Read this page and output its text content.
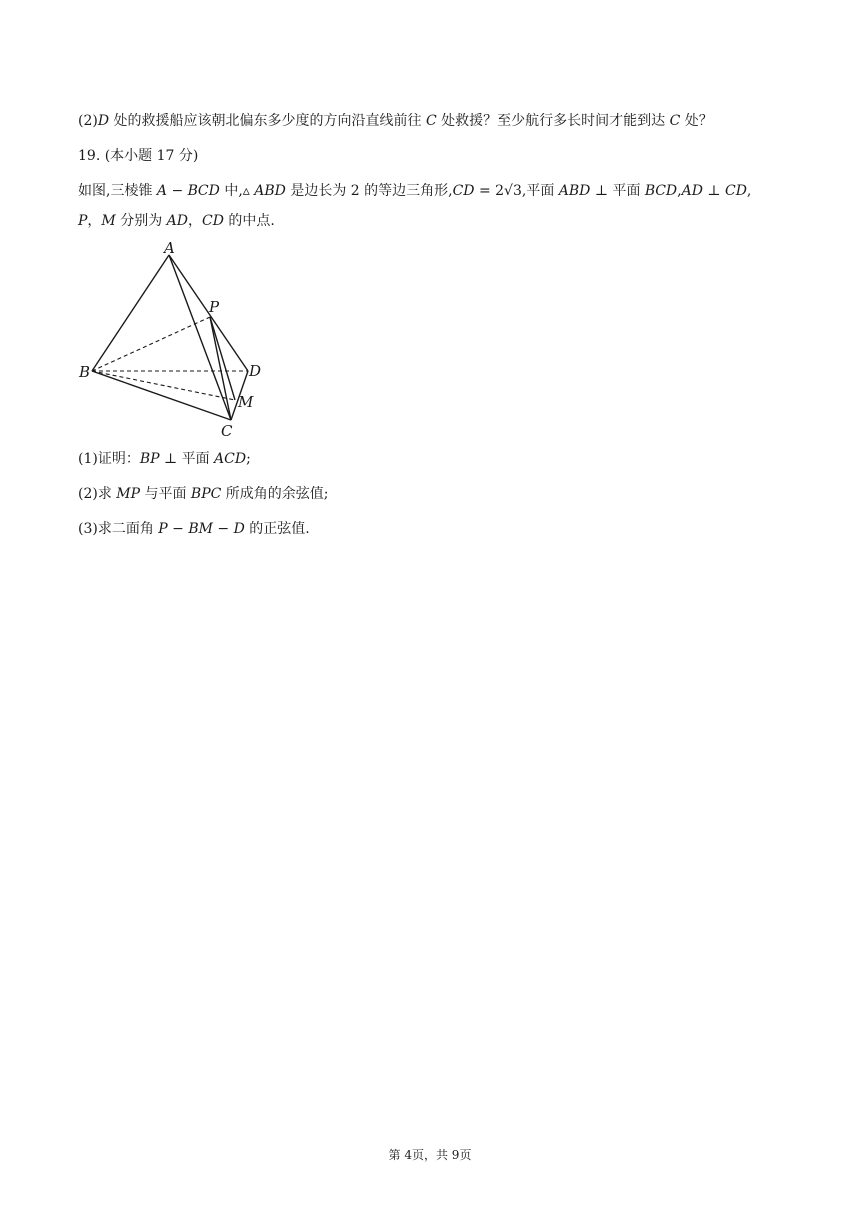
(2)𝐷 处的救援船应该朝北偏东多少度的方向沿直线前往 𝐶 处救援？至少航行多长时间才能到达 𝐶 处？
19. (本小题 17 分)
如图,三棱锥 𝐴 − 𝐵𝐶𝐷 中,▵ 𝐴𝐵𝐷 是边长为 2 的等边三角形,𝐶𝐷 = 2√3,平面 𝐴𝐵𝐷 ⊥ 平面 𝐵𝐶𝐷,𝐴𝐷 ⊥ 𝐶𝐷,
𝑃，𝑀 分别为 𝐴𝐷，𝐶𝐷 的中点.
A
P
B	D
M
C
(1)证明：𝐵𝑃 ⊥ 平面 𝐴𝐶𝐷;
(2)求 𝑀𝑃 与平面 𝐵𝑃𝐶 所成角的余弦值;
(3)求二面角 𝑃 − 𝐵𝑀 − 𝐷 的正弦值.
第 4页，共 9页
